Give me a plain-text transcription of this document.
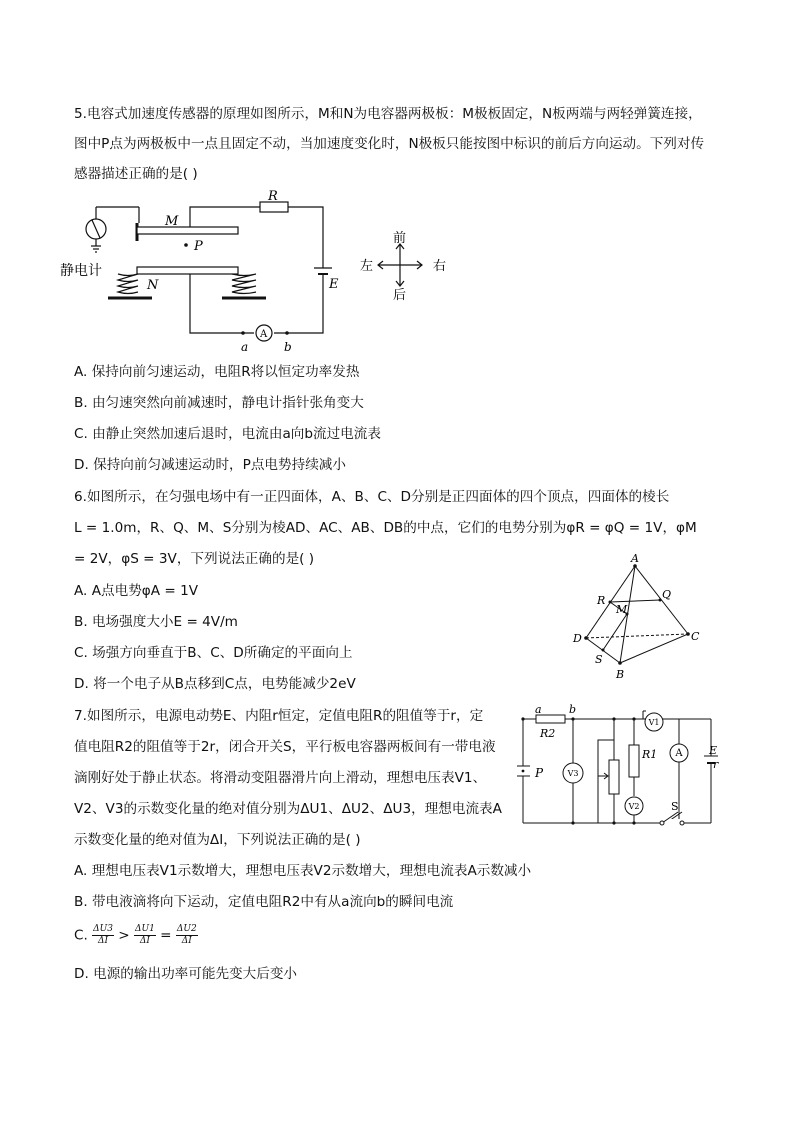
5.电容式加速度传感器的原理如图所示，M和N为电容器两极板：M极板固定，N板两端与两轻弹簧连接，
图中P点为两极板中一点且固定不动，当加速度变化时，N极板只能按图中标识的前后方向运动。下列对传
感器描述正确的是( )
R
M
P
N	E
A
a	b
静电计
前
后
左	右
A. 保持向前匀速运动，电阻R将以恒定功率发热
B. 由匀速突然向前减速时，静电计指针张角变大
C. 由静止突然加速后退时，电流由a向b流过电流表
D. 保持向前匀减速运动时，P点电势持续减小
6.如图所示，在匀强电场中有一正四面体，A、B、C、D分别是正四面体的四个顶点，四面体的棱长
L = 1.0m，R、Q、M、S分别为棱AD、AC、AB、DB的中点，它们的电势分别为φR = φQ = 1V，φM
= 2V，φS = 3V，下列说法正确的是( )
A. A点电势φA = 1V
B. 电场强度大小E = 4V/m
C. 场强方向垂直于B、C、D所确定的平面向上
D. 将一个电子从B点移到C点，电势能减少2eV
A
B
C
D
R	Q
M
S
7.如图所示，电源电动势E、内阻r恒定，定值电阻R的阻值等于r，定
值电阻R2的阻值等于2r，闭合开关S，平行板电容器两板间有一带电液
滴刚好处于静止状态。将滑动变阻器滑片向上滑动，理想电压表V1、
V2、V3的示数变化量的绝对值分别为ΔU1、ΔU2、ΔU3，理想电流表A
示数变化量的绝对值为ΔI，下列说法正确的是( )
a b
R2
R1
P
E
r
S
V1
V2
V3
A
A. 理想电压表V1示数增大，理想电压表V2示数增大，理想电流表A示数减小
B. 带电液滴将向下运动，定值电阻R2中有从a流向b的瞬间电流
C. $\frac{\Delta U3}{\Delta I} > \frac{\Delta U1}{\Delta I} = \frac{\Delta U2}{\Delta I}$
D. 电源的输出功率可能先变大后变小
